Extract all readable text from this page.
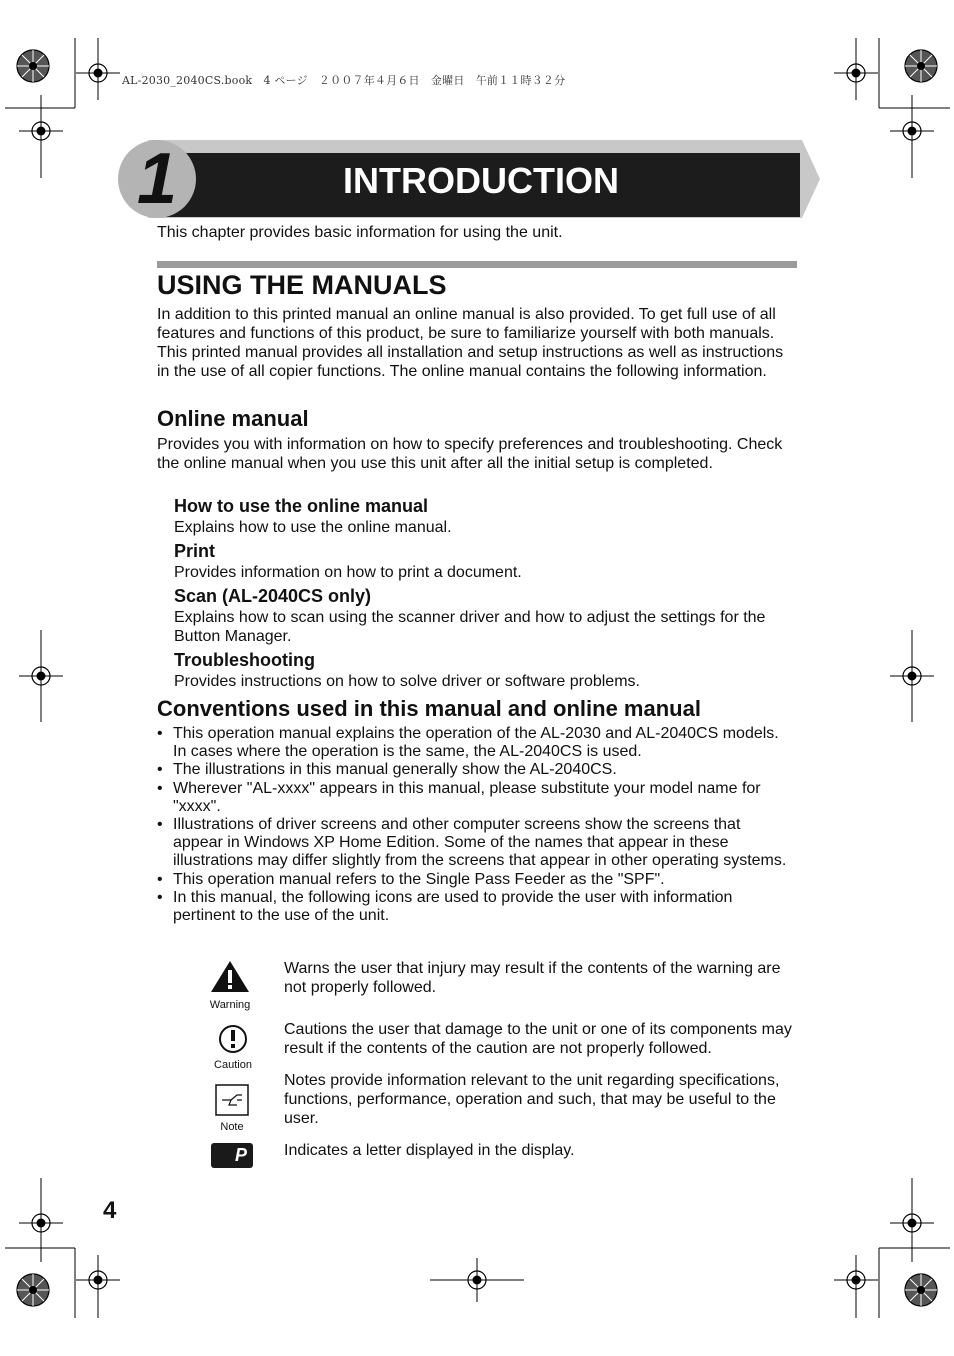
AL-2030_2040CS.book　4 ページ　２００７年４月６日　金曜日　午前１１時３２分
1	INTRODUCTION
This chapter provides basic information for using the unit.
USING THE MANUALS
In addition to this printed manual an online manual is also provided. To get full use of all features and functions of this product, be sure to familiarize yourself with both manuals. This printed manual provides all installation and setup instructions as well as instructions in the use of all copier functions. The online manual contains the following information.
Online manual
Provides you with information on how to specify preferences and troubleshooting. Check the online manual when you use this unit after all the initial setup is completed.
How to use the online manual
Explains how to use the online manual.
Print
Provides information on how to print a document.
Scan (AL-2040CS only)
Explains how to scan using the scanner driver and how to adjust the settings for the Button Manager.
Troubleshooting
Provides instructions on how to solve driver or software problems.
Conventions used in this manual and online manual
• This operation manual explains the operation of the AL-2030 and AL-2040CS models. In cases where the operation is the same, the AL-2040CS is used.
• The illustrations in this manual generally show the AL-2040CS.
• Wherever "AL-xxxx" appears in this manual, please substitute your model name for "xxxx".
• Illustrations of driver screens and other computer screens show the screens that appear in Windows XP Home Edition. Some of the names that appear in these illustrations may differ slightly from the screens that appear in other operating systems.
• This operation manual refers to the Single Pass Feeder as the "SPF".
• In this manual, the following icons are used to provide the user with information pertinent to the use of the unit.
Warning
Warns the user that injury may result if the contents of the warning are not properly followed.
Caution
Cautions the user that damage to the unit or one of its components may result if the contents of the caution are not properly followed.
Note
Notes provide information relevant to the unit regarding specifications, functions, performance, operation and such, that may be useful to the user.
P	Indicates a letter displayed in the display.
4
